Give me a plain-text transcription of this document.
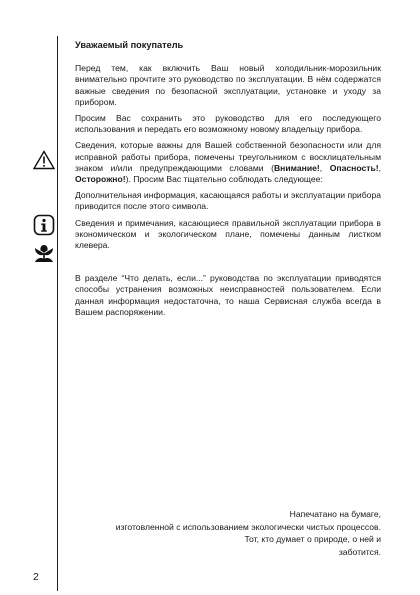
Уважаемый покупатель

Перед тем, как включить Ваш новый холодильник-морозильник внимательно прочтите это руководство по эксплуатации. В нём содержатся важные сведения по безопасной эксплуатации, установке и уходу за прибором.

Просим Вас сохранить это руководство для его последующего использования и передать его возможному новому владельцу прибора.

Сведения, которые важны для Вашей собственной безопасности или для исправной работы прибора, помечены треугольником с восклицательным знаком и/или предупреждающими словами (Внимание!, Опасность!, Осторожно!). Просим Вас тщательно соблюдать следующее:

Дополнительная информация, касающаяся работы и эксплуатации прибора приводится после этого символа.

Сведения и примечания, касающиеся правильной эксплуатации прибора в экономическом и экологическом плане, помечены данным листком клевера.

В разделе “Что делать, если...” руководства по эксплуатации приводятся способы устранения возможных неисправностей пользователем. Если данная информация недостаточна, то наша Сервисная служба всегда в Вашем распоряжении.

Напечатано на бумаге,
изготовленной с использованием экологически чистых процессов.
Тот, кто думает о природе, о ней и
заботится.
2
